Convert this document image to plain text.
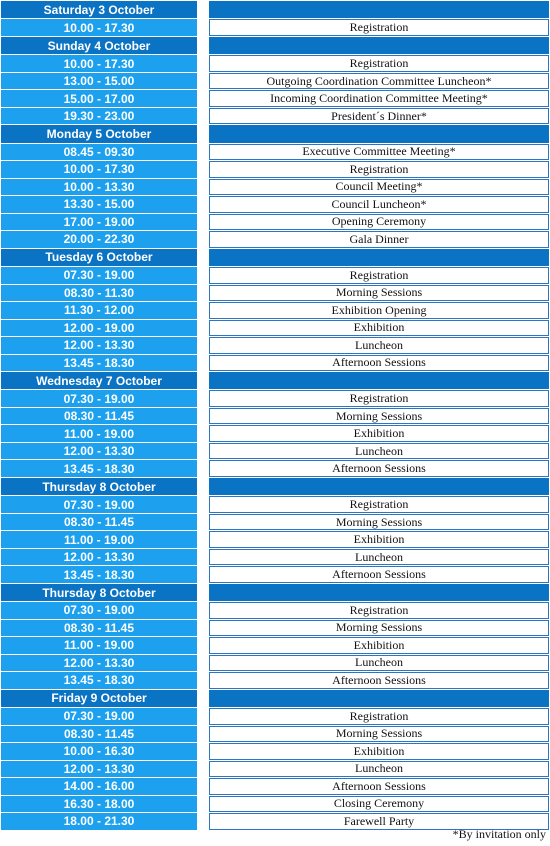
Saturday 3 October
10.00 - 17.30	Registration
Sunday 4 October
10.00 - 17.30	Registration
13.00 - 15.00	Outgoing Coordination Committee Luncheon*
15.00 - 17.00	Incoming Coordination Committee Meeting*
19.30 - 23.00	President´s Dinner*
Monday 5 October
08.45 - 09.30	Executive Committee Meeting*
10.00 - 17.30	Registration
10.00 - 13.30	Council Meeting*
13.30 - 15.00	Council Luncheon*
17.00 - 19.00	Opening Ceremony
20.00 - 22.30	Gala Dinner
Tuesday 6 October
07.30 - 19.00	Registration
08.30 - 11.30	Morning Sessions
11.30 - 12.00	Exhibition Opening
12.00 - 19.00	Exhibition
12.00 - 13.30	Luncheon
13.45 - 18.30	Afternoon Sessions
Wednesday 7 October
07.30 - 19.00	Registration
08.30 - 11.45	Morning Sessions
11.00 - 19.00	Exhibition
12.00 - 13.30	Luncheon
13.45 - 18.30	Afternoon Sessions
Thursday 8 October
07.30 - 19.00	Registration
08.30 - 11.45	Morning Sessions
11.00 - 19.00	Exhibition
12.00 - 13.30	Luncheon
13.45 - 18.30	Afternoon Sessions
Thursday 8 October
07.30 - 19.00	Registration
08.30 - 11.45	Morning Sessions
11.00 - 19.00	Exhibition
12.00 - 13.30	Luncheon
13.45 - 18.30	Afternoon Sessions
Friday 9 October
07.30 - 19.00	Registration
08.30 - 11.45	Morning Sessions
10.00 - 16.30	Exhibition
12.00 - 13.30	Luncheon
14.00 - 16.00	Afternoon Sessions
16.30 - 18.00	Closing Ceremony
18.00 - 21.30	Farewell Party
*By invitation only
